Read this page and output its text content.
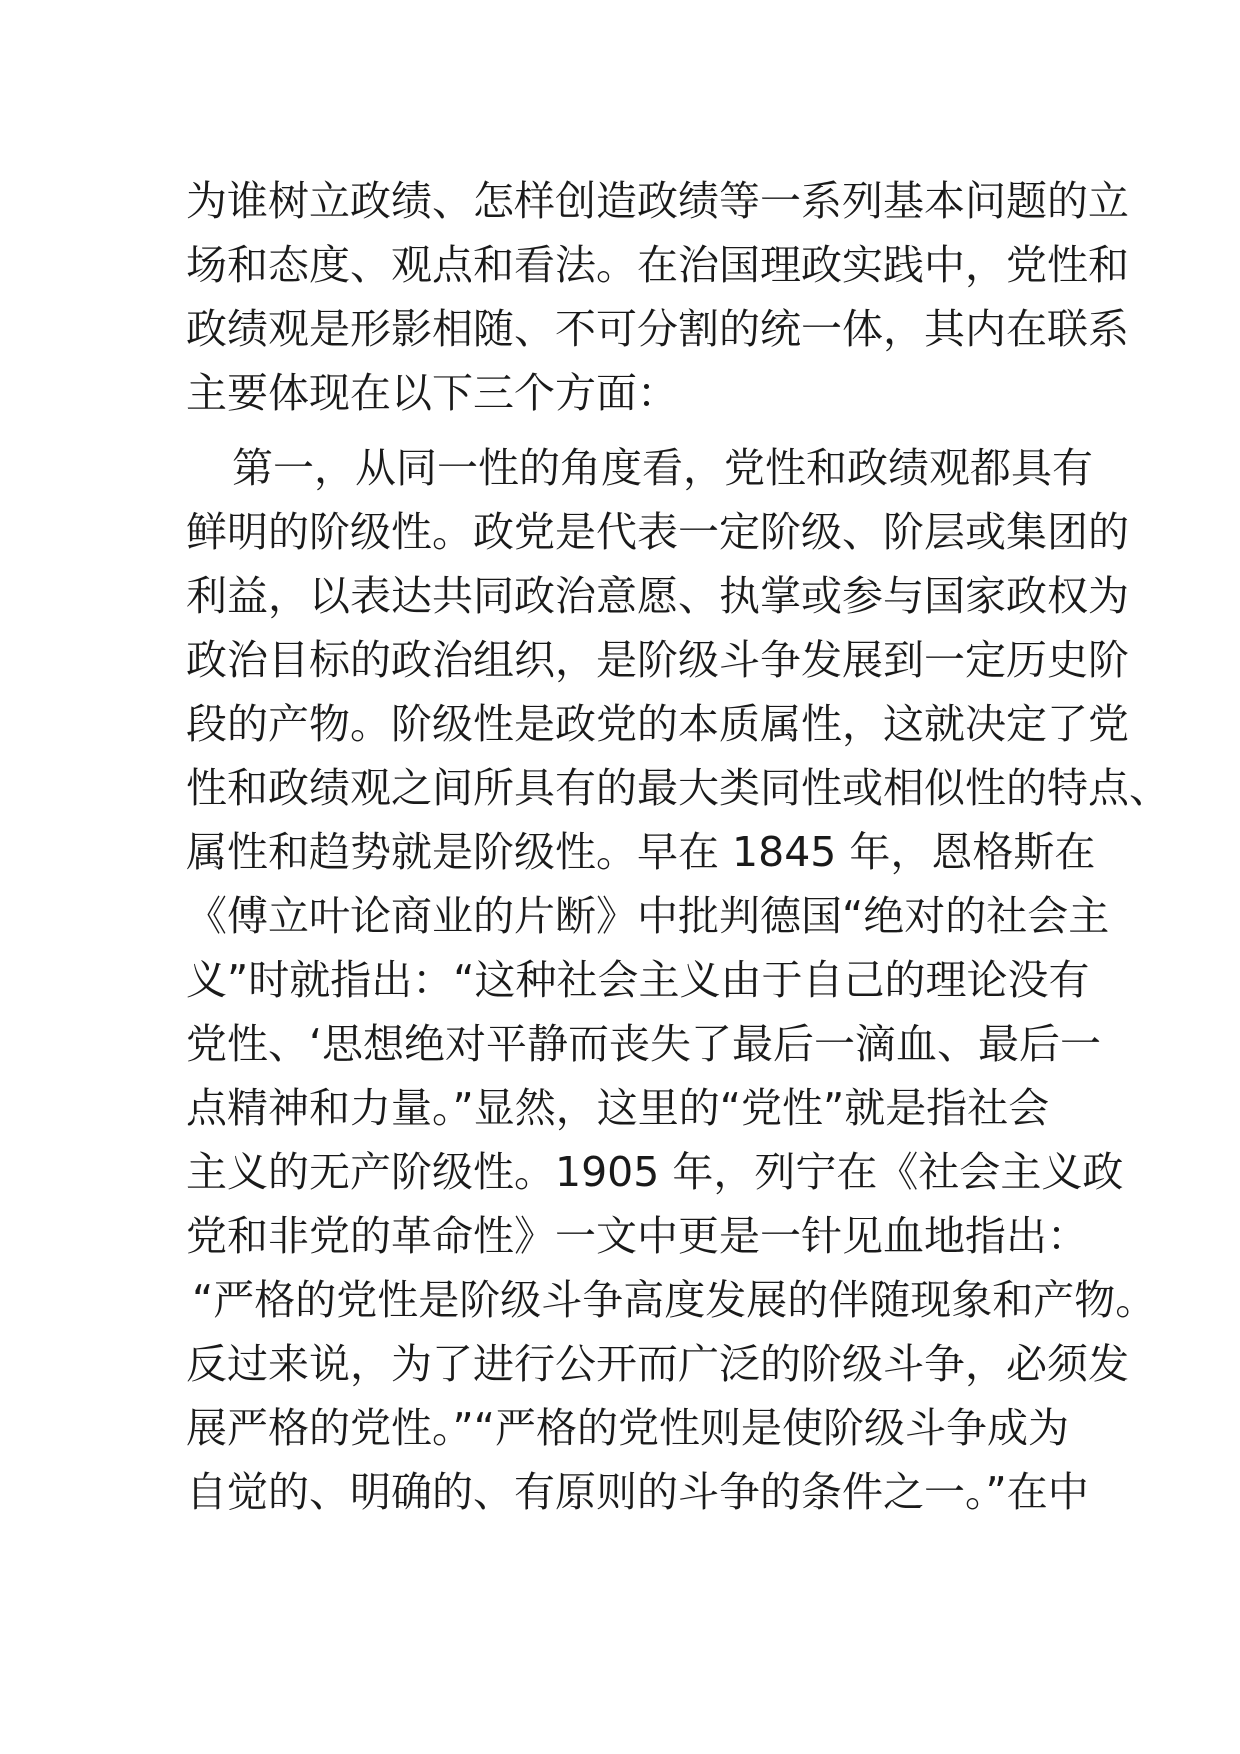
为谁树立政绩、怎样创造政绩等一系列基本问题的立
场和态度、观点和看法。在治国理政实践中，党性和
政绩观是形影相随、不可分割的统一体，其内在联系
主要体现在以下三个方面：
第一，从同一性的角度看，党性和政绩观都具有
鲜明的阶级性。政党是代表一定阶级、阶层或集团的
利益，以表达共同政治意愿、执掌或参与国家政权为
政治目标的政治组织，是阶级斗争发展到一定历史阶
段的产物。阶级性是政党的本质属性，这就决定了党
性和政绩观之间所具有的最大类同性或相似性的特点、
属性和趋势就是阶级性。早在 1845 年，恩格斯在
《傅立叶论商业的片断》中批判德国“绝对的社会主
义”时就指出：“这种社会主义由于自己的理论没有
党性、‘思想绝对平静而丧失了最后一滴血、最后一
点精神和力量。”显然，这里的“党性”就是指社会
主义的无产阶级性。1905 年，列宁在《社会主义政
党和非党的革命性》一文中更是一针见血地指出：
“严格的党性是阶级斗争高度发展的伴随现象和产物。
反过来说，为了进行公开而广泛的阶级斗争，必须发
展严格的党性。”“严格的党性则是使阶级斗争成为
自觉的、明确的、有原则的斗争的条件之一。”在中
